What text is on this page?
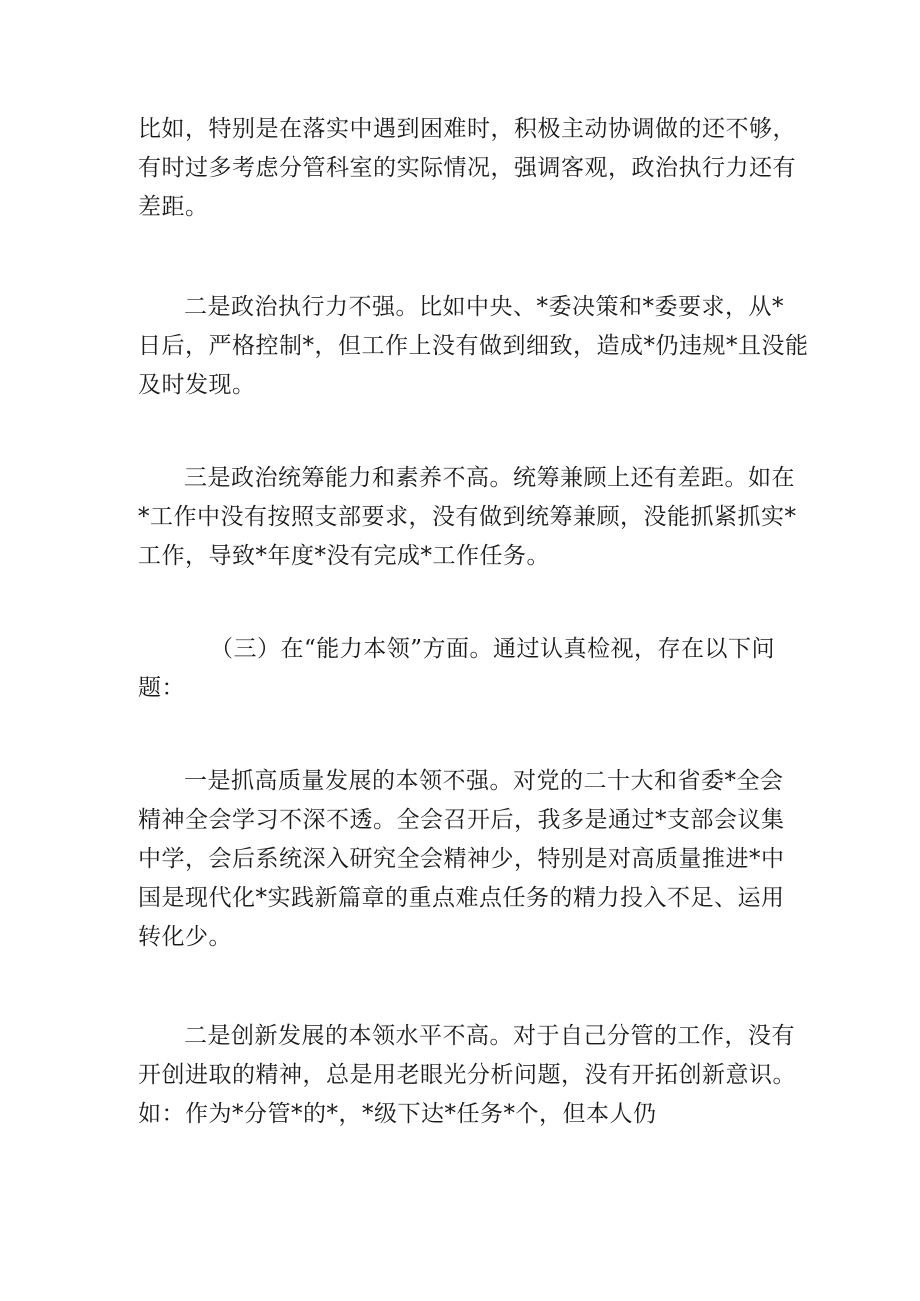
比如，特别是在落实中遇到困难时，积极主动协调做的还不够，
有时过多考虑分管科室的实际情况，强调客观，政治执行力还有
差距。
二是政治执行力不强。比如中央、*委决策和*委要求，从*
日后，严格控制*，但工作上没有做到细致，造成*仍违规*且没能
及时发现。
三是政治统筹能力和素养不高。统筹兼顾上还有差距。如在
*工作中没有按照支部要求，没有做到统筹兼顾，没能抓紧抓实*
工作，导致*年度*没有完成*工作任务。
（三）在“能力本领”方面。通过认真检视，存在以下问
题：
一是抓高质量发展的本领不强。对党的二十大和省委*全会
精神全会学习不深不透。全会召开后，我多是通过*支部会议集
中学，会后系统深入研究全会精神少，特别是对高质量推进*中
国是现代化*实践新篇章的重点难点任务的精力投入不足、运用
转化少。
二是创新发展的本领水平不高。对于自己分管的工作，没有
开创进取的精神，总是用老眼光分析问题，没有开拓创新意识。
如：作为*分管*的*，*级下达*任务*个，但本人仍
